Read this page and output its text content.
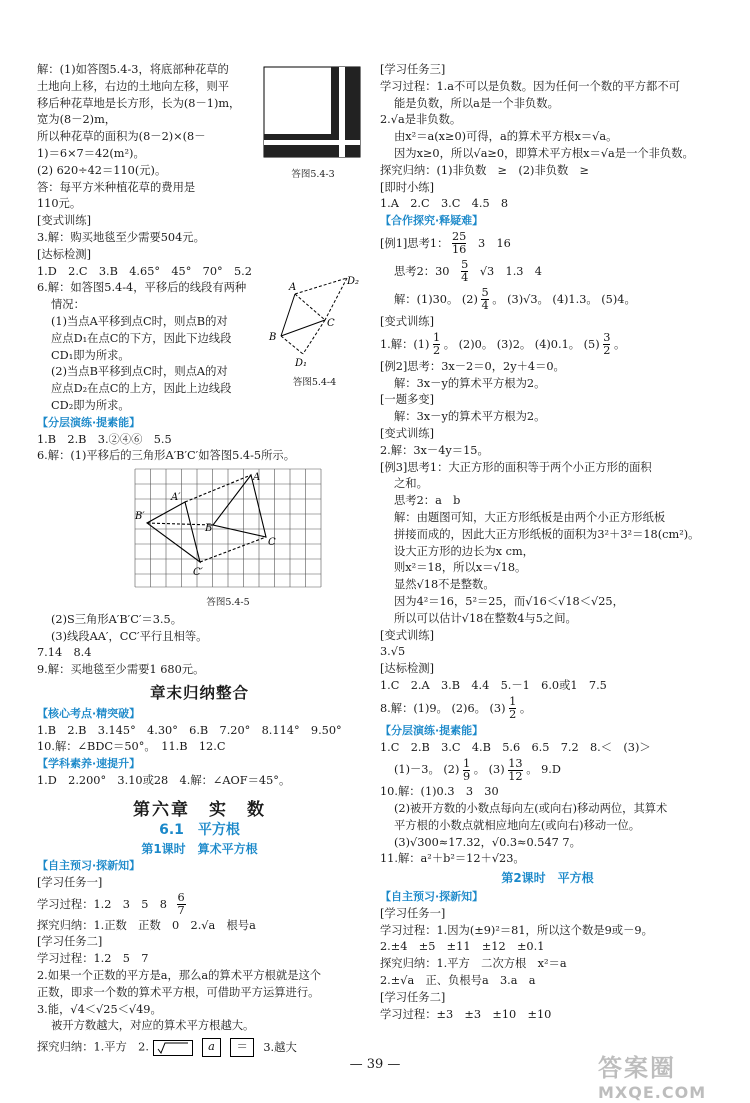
解：(1)如答图5.4-3，将底部种花草的
土地向上移，右边的土地向左移，则平
移后种花草地是长方形，长为(8－1)m，
宽为(8－2)m，
所以种花草的面积为(8－2)×(8－
1)＝6×7＝42(m²)。
(2) 620÷42＝110(元)。
答：每平方米种植花草的费用是
110元。
[变式训练]
3.解：购买地毯至少需要504元。
[达标检测]
1.D　2.C　3.B　4.65°　45°　70°　5.2
6.解：如答图5.4-4，平移后的线段有两种
情况：
(1)当点A平移到点C时，则点B的对
应点D₁在点C的下方，因此下边线段
CD₁即为所求。
(2)当点B平移到点C时，则点A的对
应点D₂在点C的上方，因此上边线段
CD₂即为所求。
【分层演练·提素能】
1.B　2.B　3.②④⑥　5.5
6.解：(1)平移后的三角形A′B′C′如答图5.4-5所示。
A
B
C
A′
B′
C′
答图5.4-5
(2)S三角形A′B′C′＝3.5。
(3)线段AA′，CC′平行且相等。
7.14　8.4
9.解：买地毯至少需要1 680元。
章末归纳整合
【核心考点·精突破】
1.B　2.B　3.145°　4.30°　6.B　7.20°　8.114°　9.50°
10.解：∠BDC＝50°。　11.B　12.C
【学科素养·速提升】
1.D　2.200°　3.10或28　4.解：∠AOF＝45°。
第六章　实　数
6.1　平方根
第1课时　算术平方根
【自主预习·探新知】
[学习任务一]
学习过程：1.2　3　5　$8 \frac{6}{7}$
探究归纳：1.正数　正数　0　2.√a　根号a
[学习任务二]
学习过程：1.2　5　7
2.如果一个正数的平方是a，那么a的算术平方根就是这个
正数，即求一个数的算术平方根，可借助平方运算进行。
3.能，√4＜√25＜√49。
被开方数越大，对应的算术平方根越大。
探究归纳：1.平方　2.	a ＝ 3.越大
答图5.4-3
A
B
C
D₁
D₂
答图5.4-4
[学习任务三]
学习过程：1.a不可以是负数。因为任何一个数的平方都不可
能是负数，所以a是一个非负数。
2.√a是非负数。
由x²＝a(x≥0)可得，a的算术平方根x＝√a。
因为x≥0，所以√a≥0，即算术平方根x＝√a是一个非负数。
探究归纳：(1)非负数　≥　(2)非负数　≥
[即时小练]
1.A　2.C　3.C　4.5　8
【合作探究·释疑难】
[例1]思考1： $\frac{25}{16} 3$　16
思考2：$30 \frac{5}{4} √3$　1.3　4
解：(1)30。 $(2) \frac{5}{4}$ 。 (3)√3。 (4)1.3。 (5)4。
[变式训练]
1.解：$(1) \frac{1}{2}$ 。 (2)0。 (3)2。 (4)0.1。 $(5) \frac{3}{2}$ 。
[例2]思考：3x－2＝0，2y＋4＝0。
解：3x－y的算术平方根为2。
[一题多变]
解：3x－y的算术平方根为2。
[变式训练]
2.解：3x－4y＝15。
[例3]思考1：大正方形的面积等于两个小正方形的面积
之和。
思考2：a　b
解：由题图可知，大正方形纸板是由两个小正方形纸板
拼接而成的，因此大正方形纸板的面积为3²＋3²＝18(cm²)。
设大正方形的边长为x cm，
则x²＝18，所以x＝√18。
显然√18不是整数。
因为4²＝16，5²＝25，而√16＜√18＜√25，
所以可以估计√18在整数4与5之间。
[变式训练]
3.√5
[达标检测]
1.C　2.A　3.B　4.4　5.－1　6.0或1　7.5
8.解：(1)9。 (2)6。 $(3) \frac{1}{2}$ 。
【分层演练·提素能】
1.C　2.B　3.C　4.B　5.6　6.5　7.2　8.＜　(3)＞
(1)－3。 $(2) \frac{1}{9}$ 。 $(3) \frac{13}{12}$ 。 9.D
10.解：(1)0.3　3　30
(2)被开方数的小数点每向左(或向右)移动两位，其算术
平方根的小数点就相应地向左(或向右)移动一位。
(3)√300≈17.32，√0.3≈0.547 7。
11.解：a²＋b²＝12＋√23。
第2课时　平方根
【自主预习·探新知】
[学习任务一]
学习过程：1.因为(±9)²＝81，所以这个数是9或－9。
2.±4　±5　±11　±12　±0.1
探究归纳：1.平方　二次方根　x²＝a
2.±√a　正、负根号a　3.a　a
[学习任务二]
学习过程：±3　±3　±10　±10
— 39 —	答案圈
MXQE.COM
